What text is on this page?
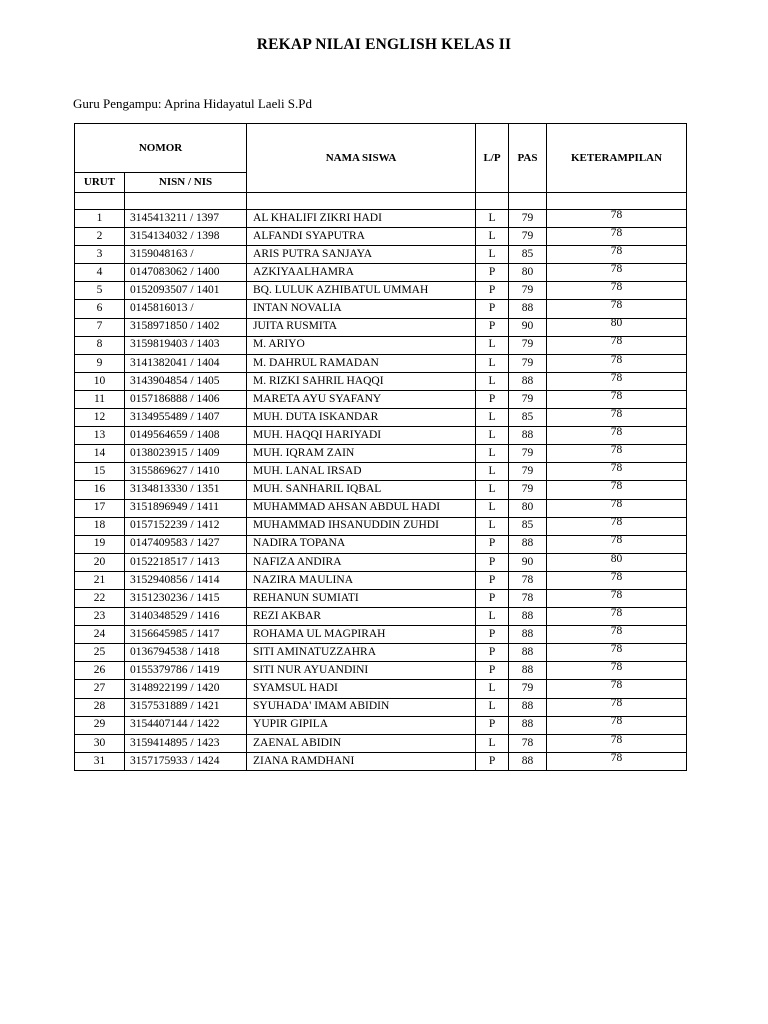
REKAP NILAI ENGLISH KELAS II
Guru Pengampu: Aprina Hidayatul Laeli S.Pd
NOMOR		NAMA SISWA	L/P	PAS	KETERAMPILAN
URUT	NISN / NIS				

1	3145413211 / 1397	AL KHALIFI ZIKRI HADI	L	79	78
2	3154134032 / 1398	ALFANDI SYAPUTRA	L	79	78
3	3159048163 /	ARIS PUTRA SANJAYA	L	85	78
4	0147083062 / 1400	AZKIYAALHAMRA	P	80	78
5	0152093507 / 1401	BQ. LULUK AZHIBATUL UMMAH	P	79	78
6	0145816013 /	INTAN NOVALIA	P	88	78
7	3158971850 / 1402	JUITA RUSMITA	P	90	80
8	3159819403 / 1403	M. ARIYO	L	79	78
9	3141382041 / 1404	M. DAHRUL RAMADAN	L	79	78
10	3143904854 / 1405	M. RIZKI SAHRIL HAQQI	L	88	78
11	0157186888 / 1406	MARETA AYU SYAFANY	P	79	78
12	3134955489 / 1407	MUH. DUTA ISKANDAR	L	85	78
13	0149564659 / 1408	MUH. HAQQI HARIYADI	L	88	78
14	0138023915 / 1409	MUH. IQRAM ZAIN	L	79	78
15	3155869627 / 1410	MUH. LANAL IRSAD	L	79	78
16	3134813330 / 1351	MUH. SANHARIL IQBAL	L	79	78
17	3151896949 / 1411	MUHAMMAD AHSAN ABDUL HADI	L	80	78
18	0157152239 / 1412	MUHAMMAD IHSANUDDIN ZUHDI	L	85	78
19	0147409583 / 1427	NADIRA TOPANA	P	88	78
20	0152218517 / 1413	NAFIZA ANDIRA	P	90	80
21	3152940856 / 1414	NAZIRA MAULINA	P	78	78
22	3151230236 / 1415	REHANUN SUMIATI	P	78	78
23	3140348529 / 1416	REZI AKBAR	L	88	78
24	3156645985 / 1417	ROHAMA UL MAGPIRAH	P	88	78
25	0136794538 / 1418	SITI AMINATUZZAHRA	P	88	78
26	0155379786 / 1419	SITI NUR AYUANDINI	P	88	78
27	3148922199 / 1420	SYAMSUL HADI	L	79	78
28	3157531889 / 1421	SYUHADA' IMAM ABIDIN	L	88	78
29	3154407144 / 1422	YUPIR GIPILA	P	88	78
30	3159414895 / 1423	ZAENAL ABIDIN	L	78	78
31	3157175933 / 1424	ZIANA RAMDHANI	P	88	78
